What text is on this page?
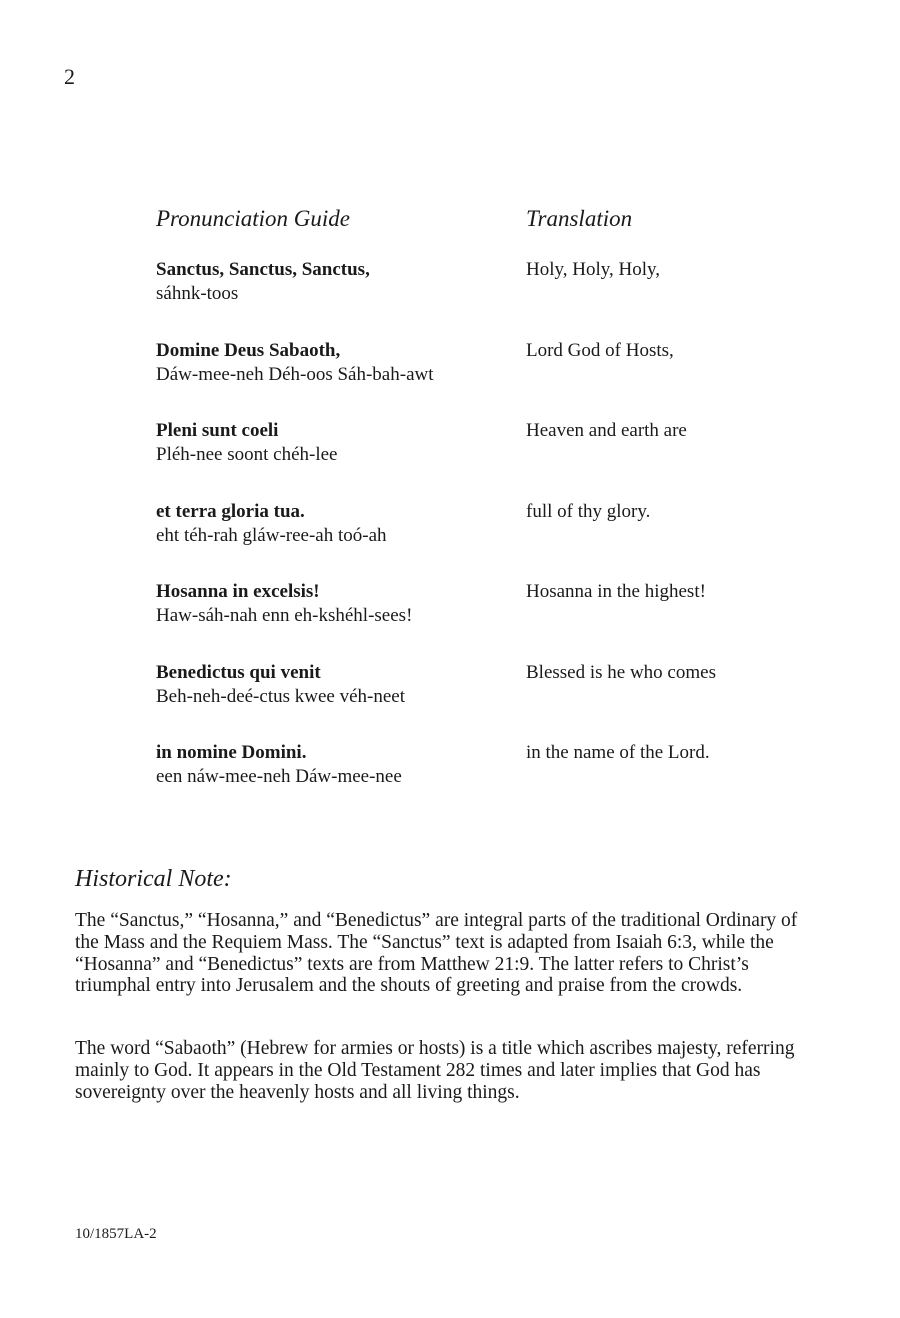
2
Pronunciation Guide	Translation
Sanctus, Sanctus, Sanctus,
sáhnk-toos
Holy, Holy, Holy,
Domine Deus Sabaoth,
Dáw-mee-neh Déh-oos Sáh-bah-awt
Lord God of Hosts,
Pleni sunt coeli
Pléh-nee soont chéh-lee
Heaven and earth are
et terra gloria tua.
eht téh-rah gláw-ree-ah toó-ah
full of thy glory.
Hosanna in excelsis!
Haw-sáh-nah enn eh-kshéhl-sees!
Hosanna in the highest!
Benedictus qui venit
Beh-neh-deé-ctus kwee véh-neet
Blessed is he who comes
in nomine Domini.
een náw-mee-neh Dáw-mee-nee
in the name of the Lord.
Historical Note:

The “Sanctus,” “Hosanna,” and “Benedictus” are integral parts of the traditional Ordinary of the Mass and the Requiem Mass. The “Sanctus” text is adapted from Isaiah 6:3, while the “Hosanna” and “Benedictus” texts are from Matthew 21:9. The latter refers to Christ’s triumphal entry into Jerusalem and the shouts of greeting and praise from the crowds.

The word “Sabaoth” (Hebrew for armies or hosts) is a title which ascribes majesty, referring mainly to God. It appears in the Old Testament 282 times and later implies that God has sovereignty over the heavenly hosts and all living things.

10/1857LA-2
